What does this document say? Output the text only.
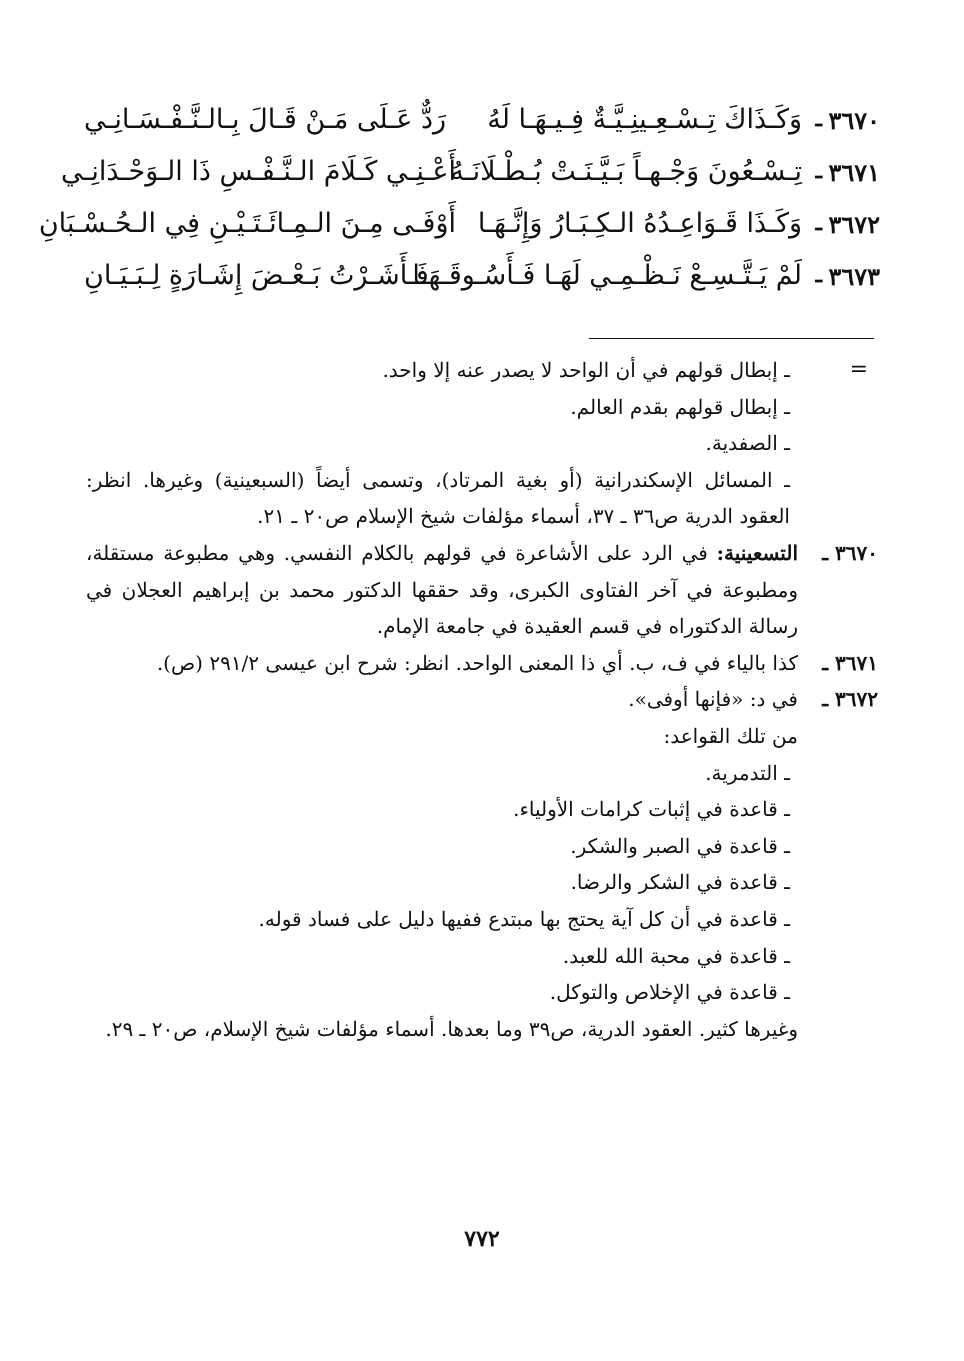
٣٦٧٠
ـ
وَكَـذَاكَ تِـسْـعِـينِـيَّـةٌ فِـيـهَـا لَهُ
رَدٌّ عَـلَى مَـنْ قَـالَ بِـالـنَّـفْـسَـانِـي
٣٦٧١
ـ
تِـسْـعُونَ وَجْـهـاً بَـيَّـنَـتْ بُـطْـلَانَـهُ
أَعْـنِـي كَـلَامَ الـنَّـفْـسِ ذَا الـوَحْـدَانِـي
٣٦٧٢
ـ
وَكَـذَا قَـوَاعِـدُهُ الـكِـبَـارُ وَإِنَّـهَـا
أَوْفَـى مِـنَ الـمِـائَـتَـيْـنِ فِي الـحُـسْـبَانِ
٣٦٧٣
ـ
لَمْ يَـتَّـسِـعْ نَـظْـمِـي لَهَـا فَـأَسُـوقَـهَـا
فَـأَشَـرْتُ بَـعْـضَ إِشَـارَةٍ لِـبَـيَـانِ
=
ـ إبطال قولهم في أن الواحد لا يصدر عنه إلا واحد.
ـ إبطال قولهم بقدم العالم.
ـ الصفدية.
ـ المسائل الإسكندرانية (أو بغية المرتاد)، وتسمى أيضاً (السبعينية) وغيرها. انظر: العقود الدرية ص٣٦ ـ ٣٧، أسماء مؤلفات شيخ الإسلام ص٢٠ ـ ٢١.
٣٦٧٠ ـ
التسعينية: في الرد على الأشاعرة في قولهم بالكلام النفسي. وهي مطبوعة مستقلة، ومطبوعة في آخر الفتاوى الكبرى، وقد حققها الدكتور محمد بن إبراهيم العجلان في رسالة الدكتوراه في قسم العقيدة في جامعة الإمام.
٣٦٧١ ـ
كذا بالياء في ف، ب. أي ذا المعنى الواحد. انظر: شرح ابن عيسى ٢٩١/٢ (ص).
٣٦٧٢ ـ
في د: «فإنها أوفى».
من تلك القواعد:
ـ التدمرية.
ـ قاعدة في إثبات كرامات الأولياء.
ـ قاعدة في الصبر والشكر.
ـ قاعدة في الشكر والرضا.
ـ قاعدة في أن كل آية يحتج بها مبتدع ففيها دليل على فساد قوله.
ـ قاعدة في محبة الله للعبد.
ـ قاعدة في الإخلاص والتوكل.
وغيرها كثير. العقود الدرية، ص٣٩ وما بعدها. أسماء مؤلفات شيخ الإسلام، ص٢٠ ـ ٢٩.
٧٧٢
